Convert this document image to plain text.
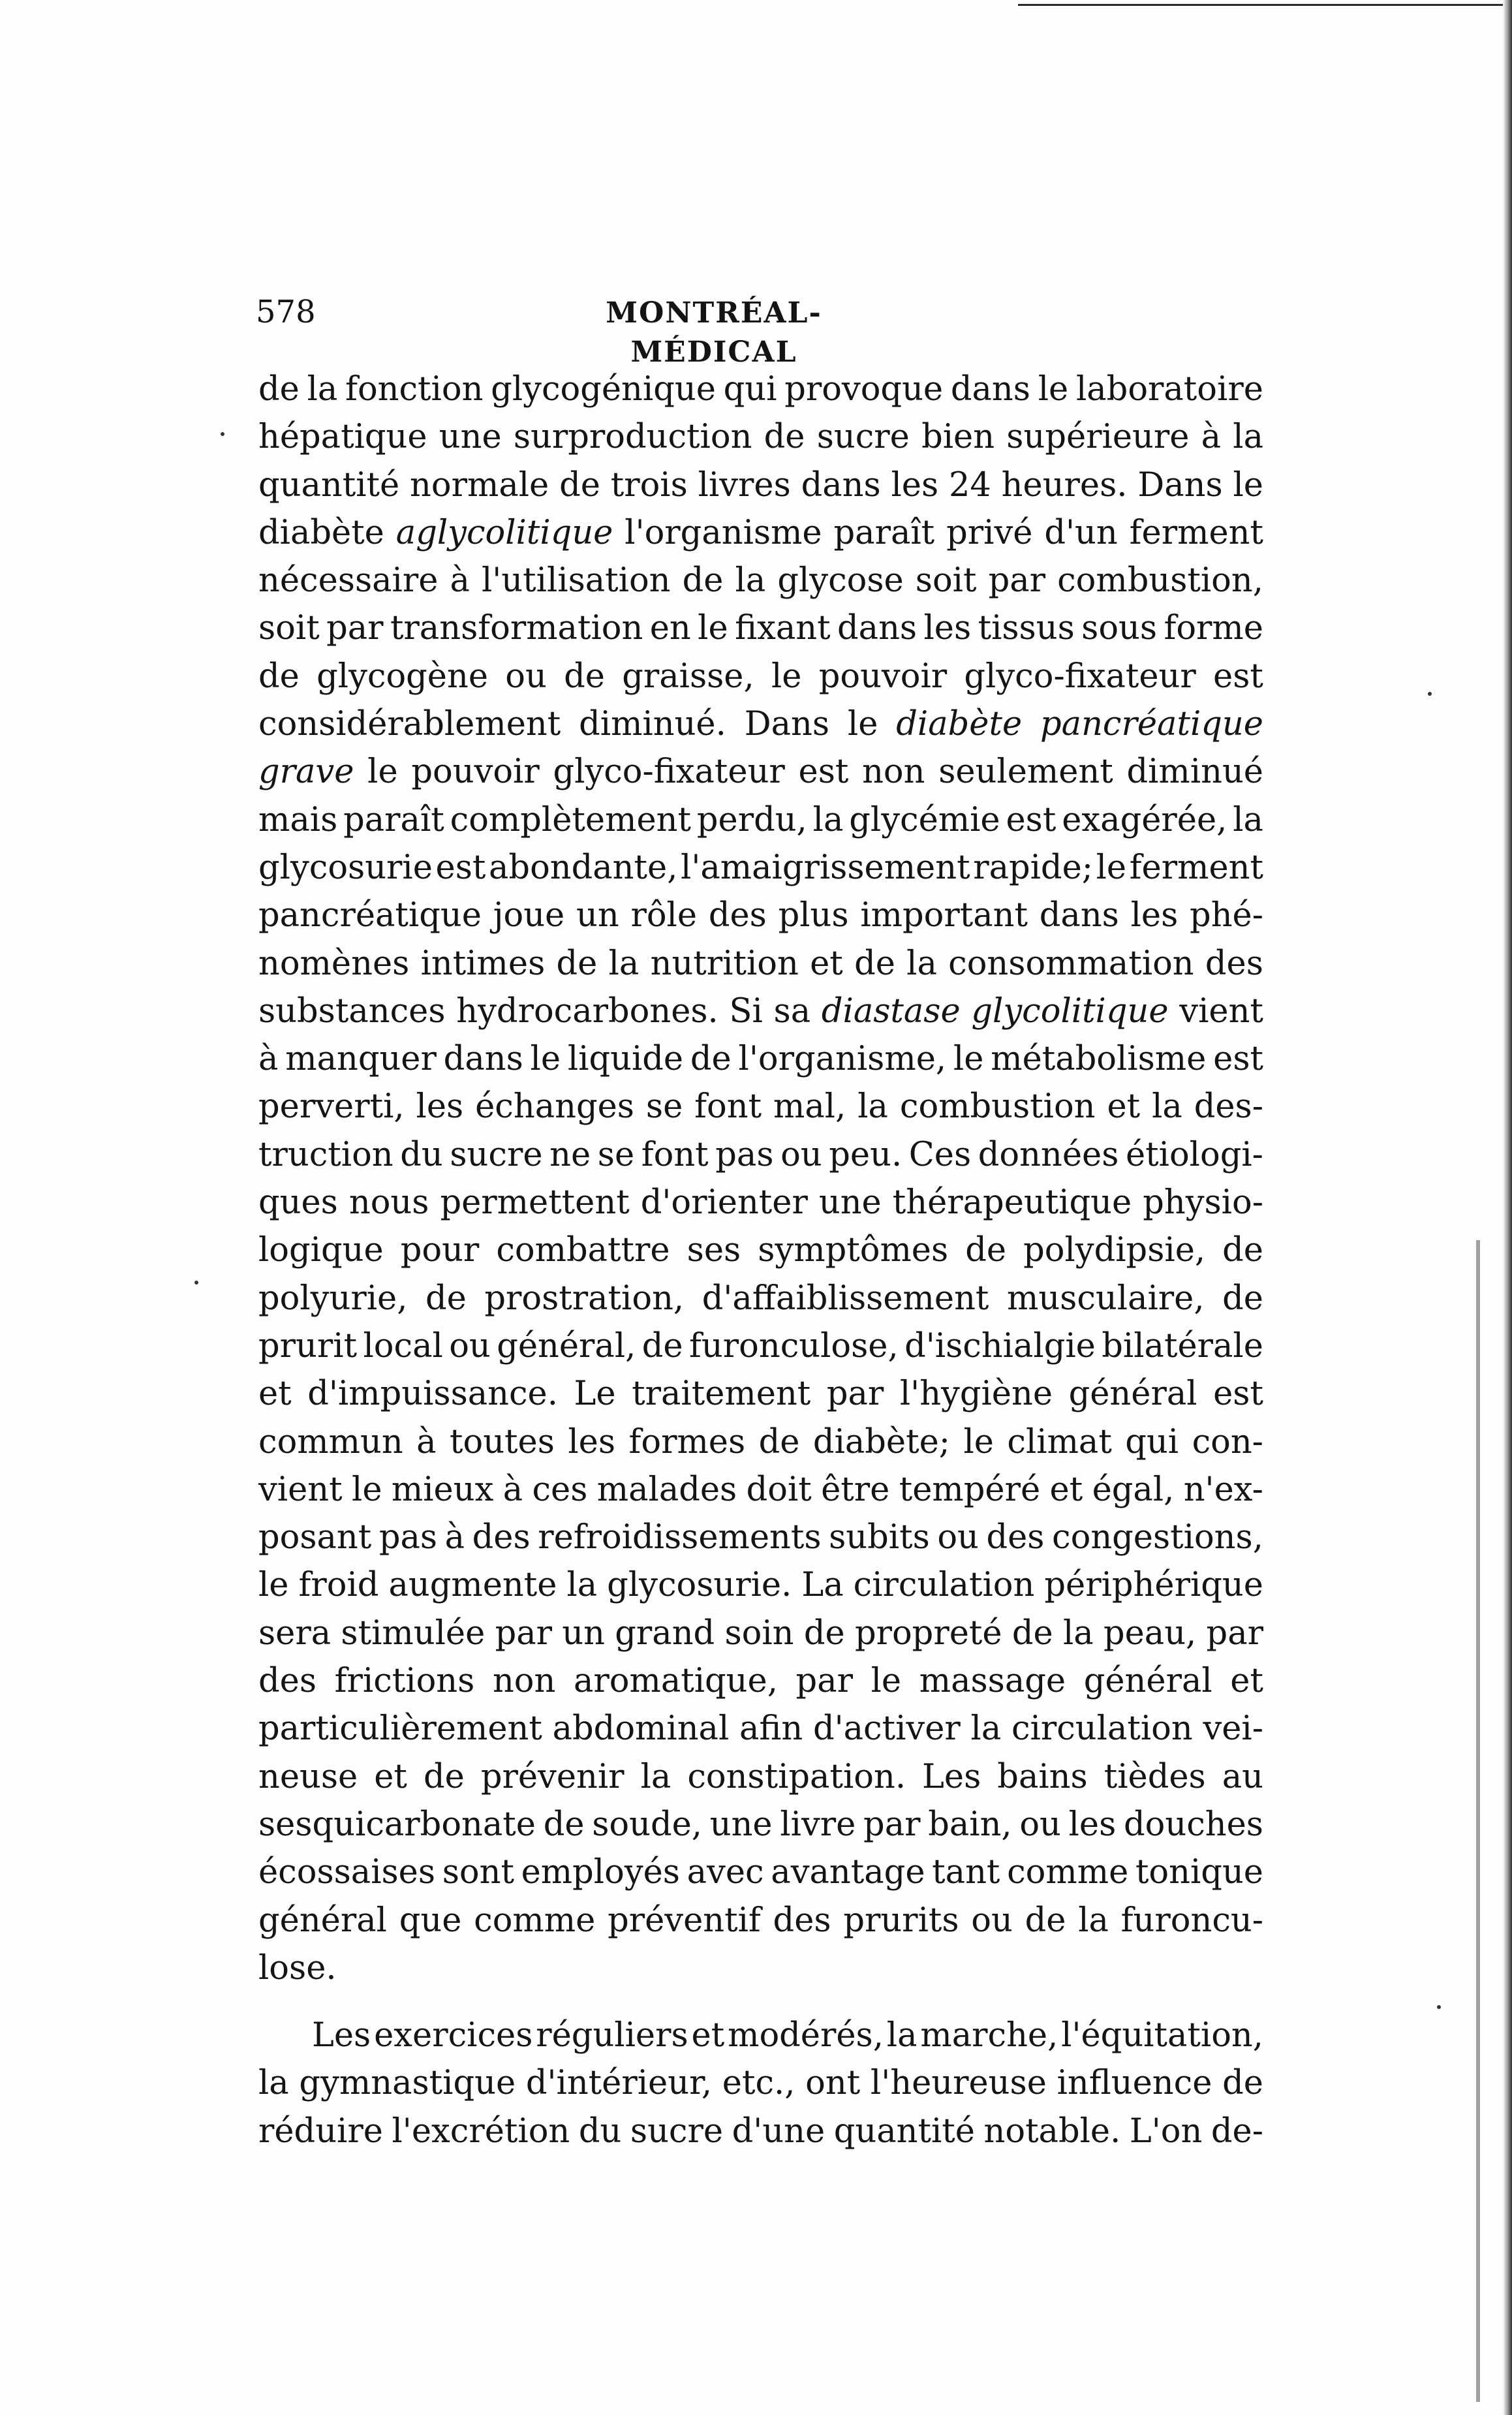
578	MONTRÉAL-MÉDICAL
de la fonction glycogénique qui provoque dans le laboratoire
hépatique une surproduction de sucre bien supérieure à la
quantité normale de trois livres dans les 24 heures. Dans le
diabète aglycolitique l'organisme paraît privé d'un ferment
nécessaire à l'utilisation de la glycose soit par combustion,
soit par transformation en le fixant dans les tissus sous forme
de glycogène ou de graisse, le pouvoir glyco-fixateur est
considérablement diminué. Dans le diabète pancréatique
grave le pouvoir glyco-fixateur est non seulement diminué
mais paraît complètement perdu, la glycémie est exagérée, la
glycosurie est abondante, l'amaigrissement rapide; le ferment
pancréatique joue un rôle des plus important dans les phé-
nomènes intimes de la nutrition et de la consommation des
substances hydrocarbones. Si sa diastase glycolitique vient
à manquer dans le liquide de l'organisme, le métabolisme est
perverti, les échanges se font mal, la combustion et la des-
truction du sucre ne se font pas ou peu. Ces données étiologi-
ques nous permettent d'orienter une thérapeutique physio-
logique pour combattre ses symptômes de polydipsie, de
polyurie, de prostration, d'affaiblissement musculaire, de
prurit local ou général, de furonculose, d'ischialgie bilatérale
et d'impuissance. Le traitement par l'hygiène général est
commun à toutes les formes de diabète; le climat qui con-
vient le mieux à ces malades doit être tempéré et égal, n'ex-
posant pas à des refroidissements subits ou des congestions,
le froid augmente la glycosurie. La circulation périphérique
sera stimulée par un grand soin de propreté de la peau, par
des frictions non aromatique, par le massage général et
particulièrement abdominal afin d'activer la circulation vei-
neuse et de prévenir la constipation. Les bains tièdes au
sesquicarbonate de soude, une livre par bain, ou les douches
écossaises sont employés avec avantage tant comme tonique
général que comme préventif des prurits ou de la furoncu-
lose.
Les exercices réguliers et modérés, la marche, l'équitation,
la gymnastique d'intérieur, etc., ont l'heureuse influence de
réduire l'excrétion du sucre d'une quantité notable. L'on de-
